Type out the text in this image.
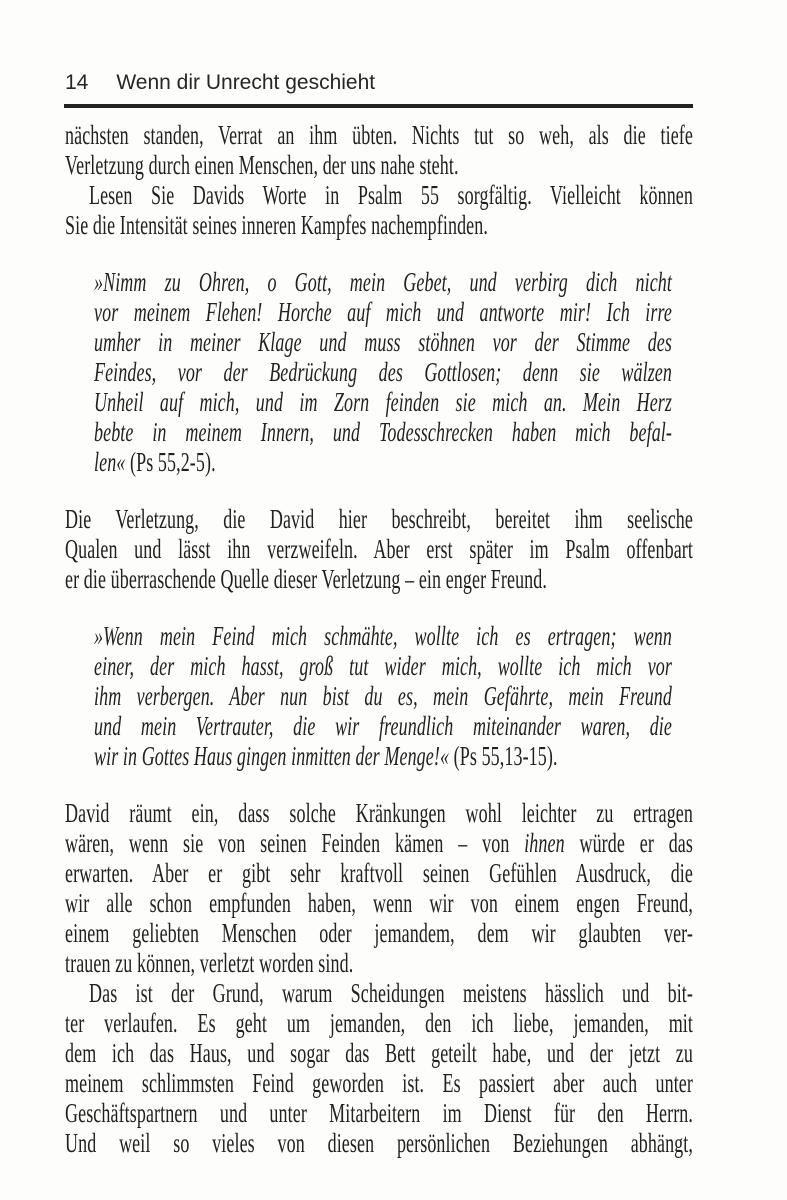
14 Wenn dir Unrecht geschieht
nächsten standen, Verrat an ihm übten. Nichts tut so weh, als die tiefe
Verletzung durch einen Menschen, der uns nahe steht.
Lesen Sie Davids Worte in Psalm 55 sorgfältig. Vielleicht können
Sie die Intensität seines inneren Kampfes nachempfinden.
»Nimm zu Ohren, o Gott, mein Gebet, und verbirg dich nicht
vor meinem Flehen! Horche auf mich und antworte mir! Ich irre
umher in meiner Klage und muss stöhnen vor der Stimme des
Feindes, vor der Bedrückung des Gottlosen; denn sie wälzen
Unheil auf mich, und im Zorn feinden sie mich an. Mein Herz
bebte in meinem Innern, und Todesschrecken haben mich befal-
len« (Ps 55,2-5).
Die Verletzung, die David hier beschreibt, bereitet ihm seelische
Qualen und lässt ihn verzweifeln. Aber erst später im Psalm offenbart
er die überraschende Quelle dieser Verletzung – ein enger Freund.
»Wenn mein Feind mich schmähte, wollte ich es ertragen; wenn
einer, der mich hasst, groß tut wider mich, wollte ich mich vor
ihm verbergen. Aber nun bist du es, mein Gefährte, mein Freund
und mein Vertrauter, die wir freundlich miteinander waren, die
wir in Gottes Haus gingen inmitten der Menge!« (Ps 55,13-15).
David räumt ein, dass solche Kränkungen wohl leichter zu ertragen
wären, wenn sie von seinen Feinden kämen – von ihnen würde er das
erwarten. Aber er gibt sehr kraftvoll seinen Gefühlen Ausdruck, die
wir alle schon empfunden haben, wenn wir von einem engen Freund,
einem geliebten Menschen oder jemandem, dem wir glaubten ver-
trauen zu können, verletzt worden sind.
Das ist der Grund, warum Scheidungen meistens hässlich und bit-
ter verlaufen. Es geht um jemanden, den ich liebe, jemanden, mit
dem ich das Haus, und sogar das Bett geteilt habe, und der jetzt zu
meinem schlimmsten Feind geworden ist. Es passiert aber auch unter
Geschäftspartnern und unter Mitarbeitern im Dienst für den Herrn.
Und weil so vieles von diesen persönlichen Beziehungen abhängt,
